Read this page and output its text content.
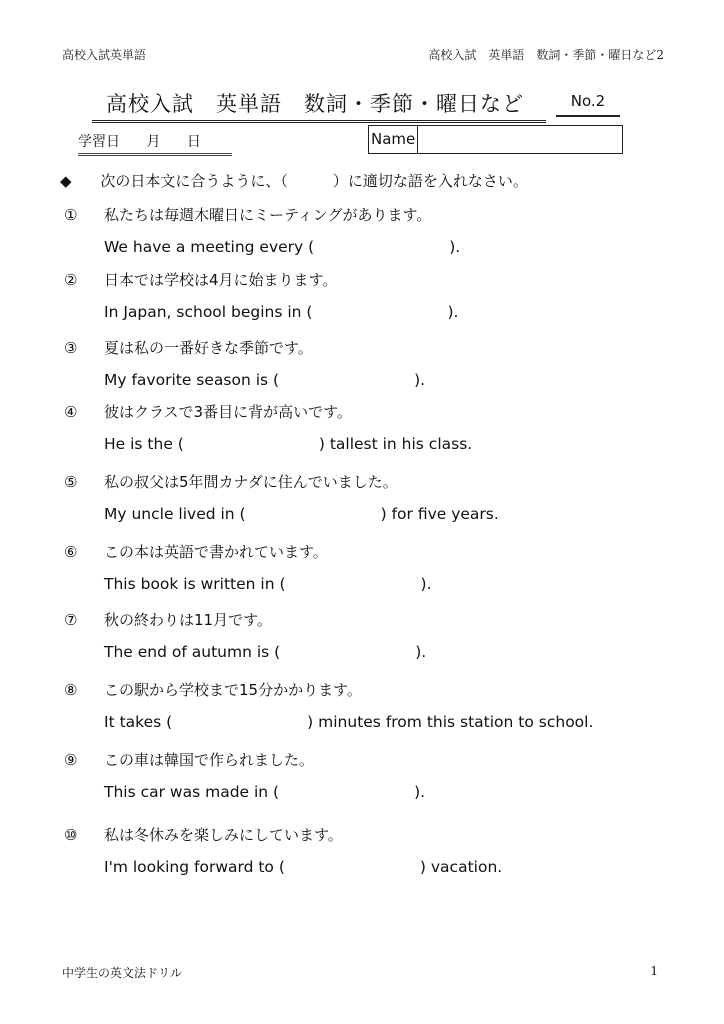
高校入試英単語	高校入試　英単語　数詞・季節・曜日など2
高校入試　英単語　数詞・季節・曜日など	No.2
学習日 月 日	Name
◆ 次の日本文に合うように、（　　　）に適切な語を入れなさい。
① 私たちは毎週木曜日にミーティングがあります。
We have a meeting every (	).
② 日本では学校は4月に始まります。
In Japan, school begins in (	).
③ 夏は私の一番好きな季節です。
My favorite season is (	).
④ 彼はクラスで3番目に背が高いです。
He is the (	) tallest in his class.
⑤ 私の叔父は5年間カナダに住んでいました。
My uncle lived in (	) for five years.
⑥ この本は英語で書かれています。
This book is written in (	).
⑦ 秋の終わりは11月です。
The end of autumn is (	).
⑧ この駅から学校まで15分かかります。
It takes (	) minutes from this station to school.
⑨ この車は韓国で作られました。
This car was made in (	).
⑩ 私は冬休みを楽しみにしています。
I'm looking forward to (	) vacation.
中学生の英文法ドリル	1
